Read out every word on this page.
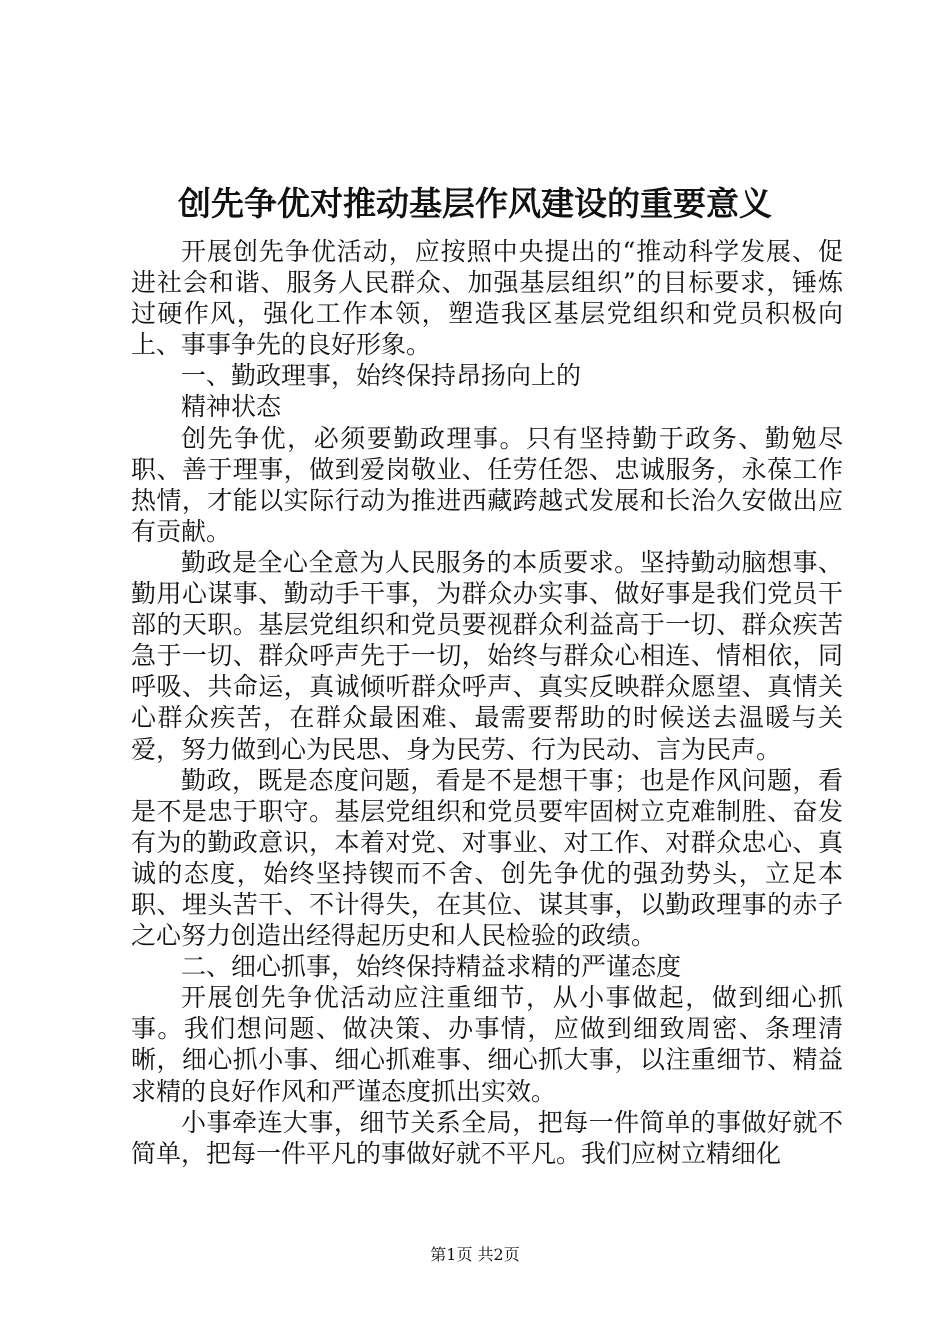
创先争优对推动基层作风建设的重要意义

开展创先争优活动，应按照中央提出的“推动科学发展、促进社会和谐、服务人民群众、加强基层组织”的目标要求，锤炼过硬作风，强化工作本领，塑造我区基层党组织和党员积极向上、事事争先的良好形象。

一、勤政理事，始终保持昂扬向上的

精神状态

创先争优，必须要勤政理事。只有坚持勤于政务、勤勉尽职、善于理事，做到爱岗敬业、任劳任怨、忠诚服务，永葆工作热情，才能以实际行动为推进西藏跨越式发展和长治久安做出应有贡献。

勤政是全心全意为人民服务的本质要求。坚持勤动脑想事、勤用心谋事、勤动手干事，为群众办实事、做好事是我们党员干部的天职。基层党组织和党员要视群众利益高于一切、群众疾苦急于一切、群众呼声先于一切，始终与群众心相连、情相依，同呼吸、共命运，真诚倾听群众呼声、真实反映群众愿望、真情关心群众疾苦，在群众最困难、最需要帮助的时候送去温暖与关爱，努力做到心为民思、身为民劳、行为民动、言为民声。

勤政，既是态度问题，看是不是想干事；也是作风问题，看是不是忠于职守。基层党组织和党员要牢固树立克难制胜、奋发有为的勤政意识，本着对党、对事业、对工作、对群众忠心、真诚的态度，始终坚持锲而不舍、创先争优的强劲势头，立足本职、埋头苦干、不计得失，在其位、谋其事，以勤政理事的赤子之心努力创造出经得起历史和人民检验的政绩。

二、细心抓事，始终保持精益求精的严谨态度

开展创先争优活动应注重细节，从小事做起，做到细心抓事。我们想问题、做决策、办事情，应做到细致周密、条理清晰，细心抓小事、细心抓难事、细心抓大事，以注重细节、精益求精的良好作风和严谨态度抓出实效。

小事牵连大事，细节关系全局，把每一件简单的事做好就不简单，把每一件平凡的事做好就不平凡。我们应树立精细化

第1页 共2页
